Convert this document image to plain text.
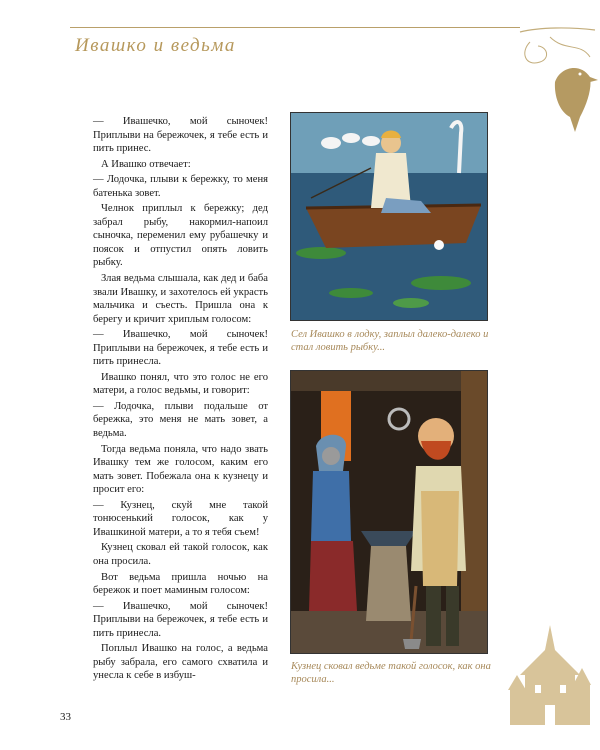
Ивашко и ведьма

— Ивашечко, мой сыночек! Приплыви на бережочек, я тебе есть и пить принес.

А Ивашко отвечает:

— Лодочка, плыви к бережку, то меня батенька зовет.

Челнок приплыл к бережку; дед забрал рыбу, накормил-напоил сыночка, переменил ему рубашечку и поясок и отпустил опять ловить рыбку.

Злая ведьма слышала, как дед и баба звали Ивашку, и захотелось ей украсть мальчика и съесть. Пришла она к берегу и кричит хриплым голосом:

— Ивашечко, мой сыночек! Приплыви на бережочек, я тебе есть и пить принесла.

Ивашко понял, что это голос не его матери, а голос ведьмы, и говорит:

— Лодочка, плыви подальше от бережка, это меня не мать зовет, а ведьма.

Тогда ведьма поняла, что надо звать Ивашку тем же голосом, каким его мать зовет. Побежала она к кузнецу и просит его:

— Кузнец, скуй мне такой тонюсенький голосок, как у Ивашкиной матери, а то я тебя съем!

Кузнец сковал ей такой голосок, как она просила.

Вот ведьма пришла ночью на бережок и поет маминым голосом:

— Ивашечко, мой сыночек! Приплыви на бережочек, я тебе есть и пить принесла.

Поплыл Ивашко на голос, а ведьма рыбу забрала, его самого схватила и унесла к себе в избуш-

Сел Ивашко в лодку, заплыл далеко-далеко и стал ловить рыбку...
Кузнец сковал ведьме такой голосок, как она просила...
33
